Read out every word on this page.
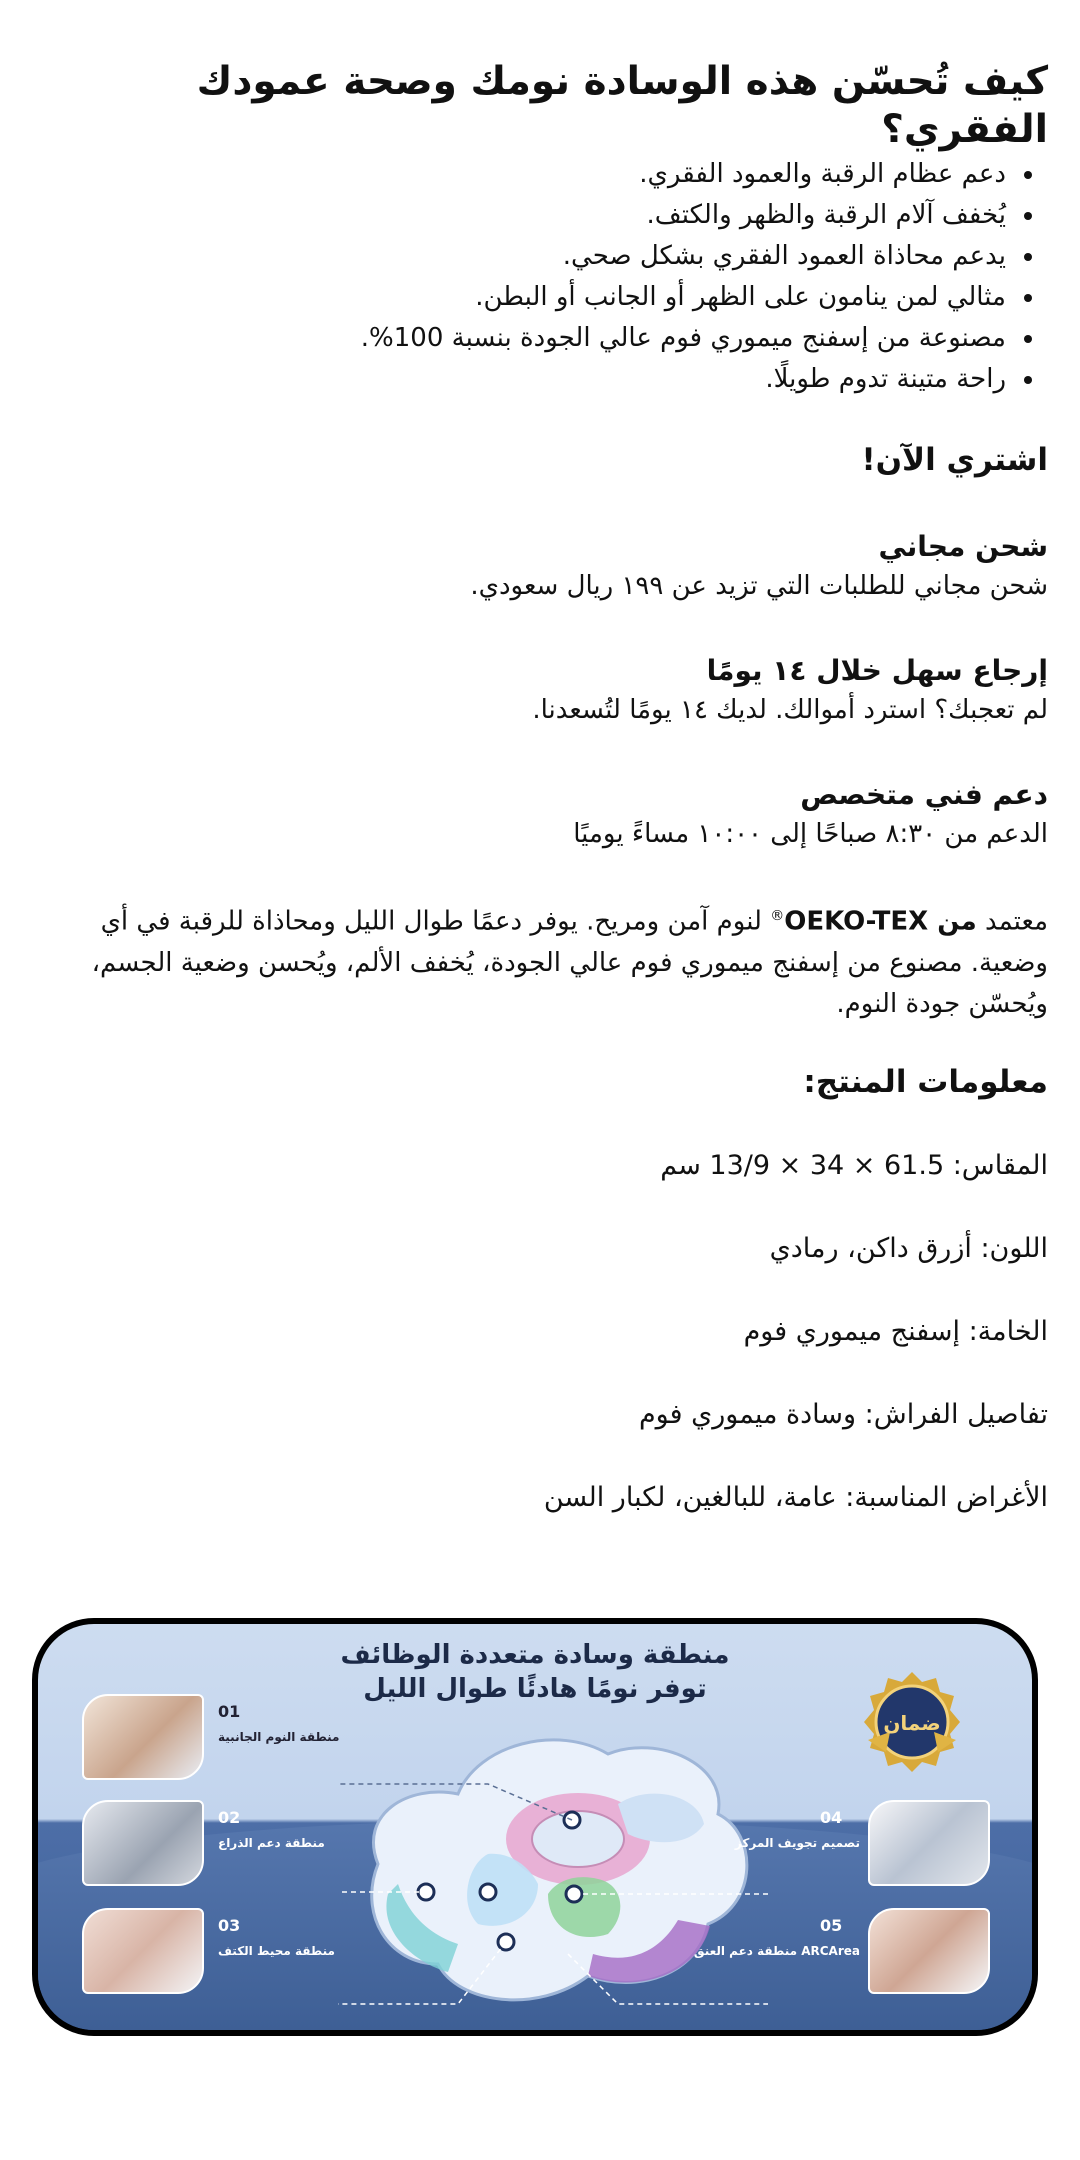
كيف تُحسّن هذه الوسادة نومك وصحة عمودك الفقري؟
• دعم عظام الرقبة والعمود الفقري.
• يُخفف آلام الرقبة والظهر والكتف.
• يدعم محاذاة العمود الفقري بشكل صحي.
• مثالي لمن ينامون على الظهر أو الجانب أو البطن.
• مصنوعة من إسفنج ميموري فوم عالي الجودة بنسبة 100%.
• راحة متينة تدوم طويلًا.
اشتري الآن!
شحن مجاني

شحن مجاني للطلبات التي تزيد عن ١٩٩ ريال سعودي.

إرجاع سهل خلال ١٤ يومًا

لم تعجبك؟ استرد أموالك. لديك ١٤ يومًا لتُسعدنا.

دعم فني متخصص

الدعم من ٨:٣٠ صباحًا إلى ١٠:٠٠ مساءً يوميًا

معتمد من OEKO-TEX® لنوم آمن ومريح. يوفر دعمًا طوال الليل ومحاذاة للرقبة في أي وضعية. مصنوع من إسفنج ميموري فوم عالي الجودة، يُخفف الألم، ويُحسن وضعية الجسم، ويُحسّن جودة النوم.

معلومات المنتج:
المقاس: 61.5 × 34 × 13/9 سم
اللون: أزرق داكن، رمادي
الخامة: إسفنج ميموري فوم
تفاصيل الفراش: وسادة ميموري فوم
الأغراض المناسبة: عامة، للبالغين، لكبار السن
منطقة وسادة متعددة الوظائف
توفر نومًا هادئًا طوال الليل
ضمان
01
منطقة النوم الجانبية
02
منطقة دعم الذراع
03
منطقة محيط الكتف
04
تصميم تجويف المركز
05
ARCArea منطقة دعم العنق
